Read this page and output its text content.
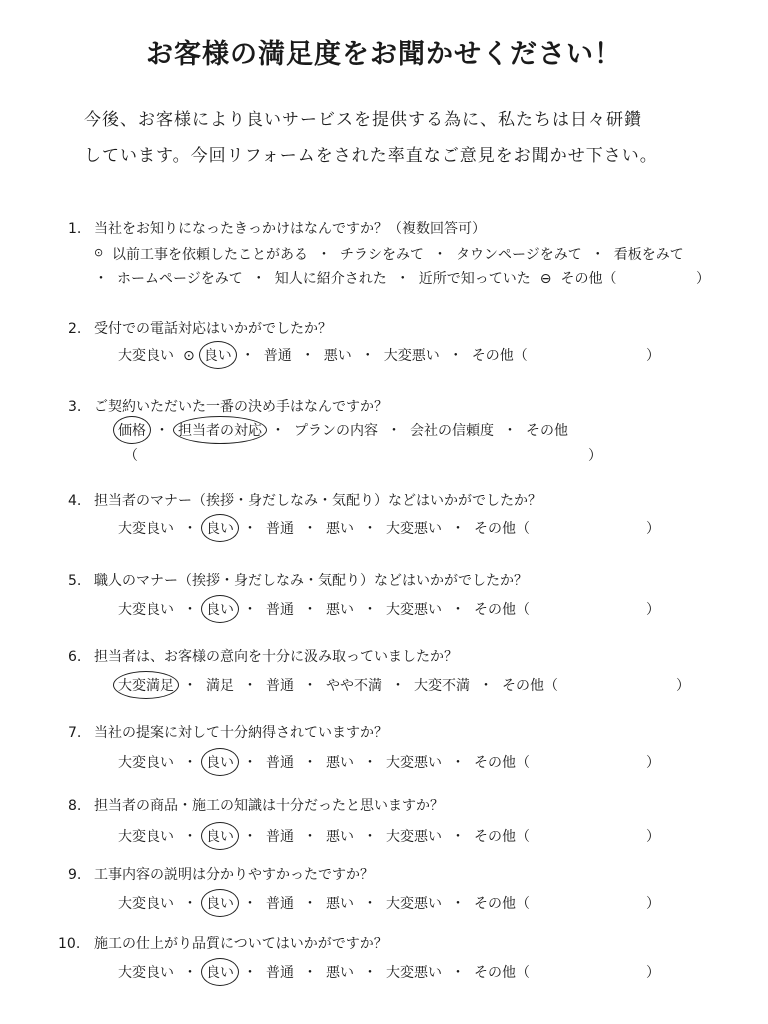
お客様の満足度をお聞かせください！
今後、お客様により良いサービスを提供する為に、私たちは日々研鑽
しています。今回リフォームをされた率直なご意見をお聞かせ下さい。
1. 当社をお知りになったきっかけはなんですか？（複数回答可）
⊙ 以前工事を依頼したことがある ・ チラシをみて ・ タウンページをみて ・ 看板をみて
・ ホームページをみて ・ 知人に紹介された ・ 近所で知っていた ⊖ その他（	）
2. 受付での電話対応はいかがでしたか？
大変良い ⊙ 良い ・ 普通 ・ 悪い ・ 大変悪い ・ その他（	）
3. ご契約いただいた一番の決め手はなんですか？
価格 ・ 担当者の対応 ・ プランの内容 ・ 会社の信頼度 ・ その他
（	）
4. 担当者のマナー（挨拶・身だしなみ・気配り）などはいかがでしたか？
大変良い ・ 良い ・ 普通 ・ 悪い ・ 大変悪い ・ その他（	）
5. 職人のマナー（挨拶・身だしなみ・気配り）などはいかがでしたか？
大変良い ・ 良い ・ 普通 ・ 悪い ・ 大変悪い ・ その他（	）
6. 担当者は、お客様の意向を十分に汲み取っていましたか？
大変満足 ・ 満足 ・ 普通 ・ やや不満 ・ 大変不満 ・ その他（	）
7. 当社の提案に対して十分納得されていますか？
大変良い ・ 良い ・ 普通 ・ 悪い ・ 大変悪い ・ その他（	）
8. 担当者の商品・施工の知識は十分だったと思いますか？
大変良い ・ 良い ・ 普通 ・ 悪い ・ 大変悪い ・ その他（	）
9. 工事内容の説明は分かりやすかったですか？
大変良い ・ 良い ・ 普通 ・ 悪い ・ 大変悪い ・ その他（	）
10. 施工の仕上がり品質についてはいかがですか？
大変良い ・ 良い ・ 普通 ・ 悪い ・ 大変悪い ・ その他（	）
